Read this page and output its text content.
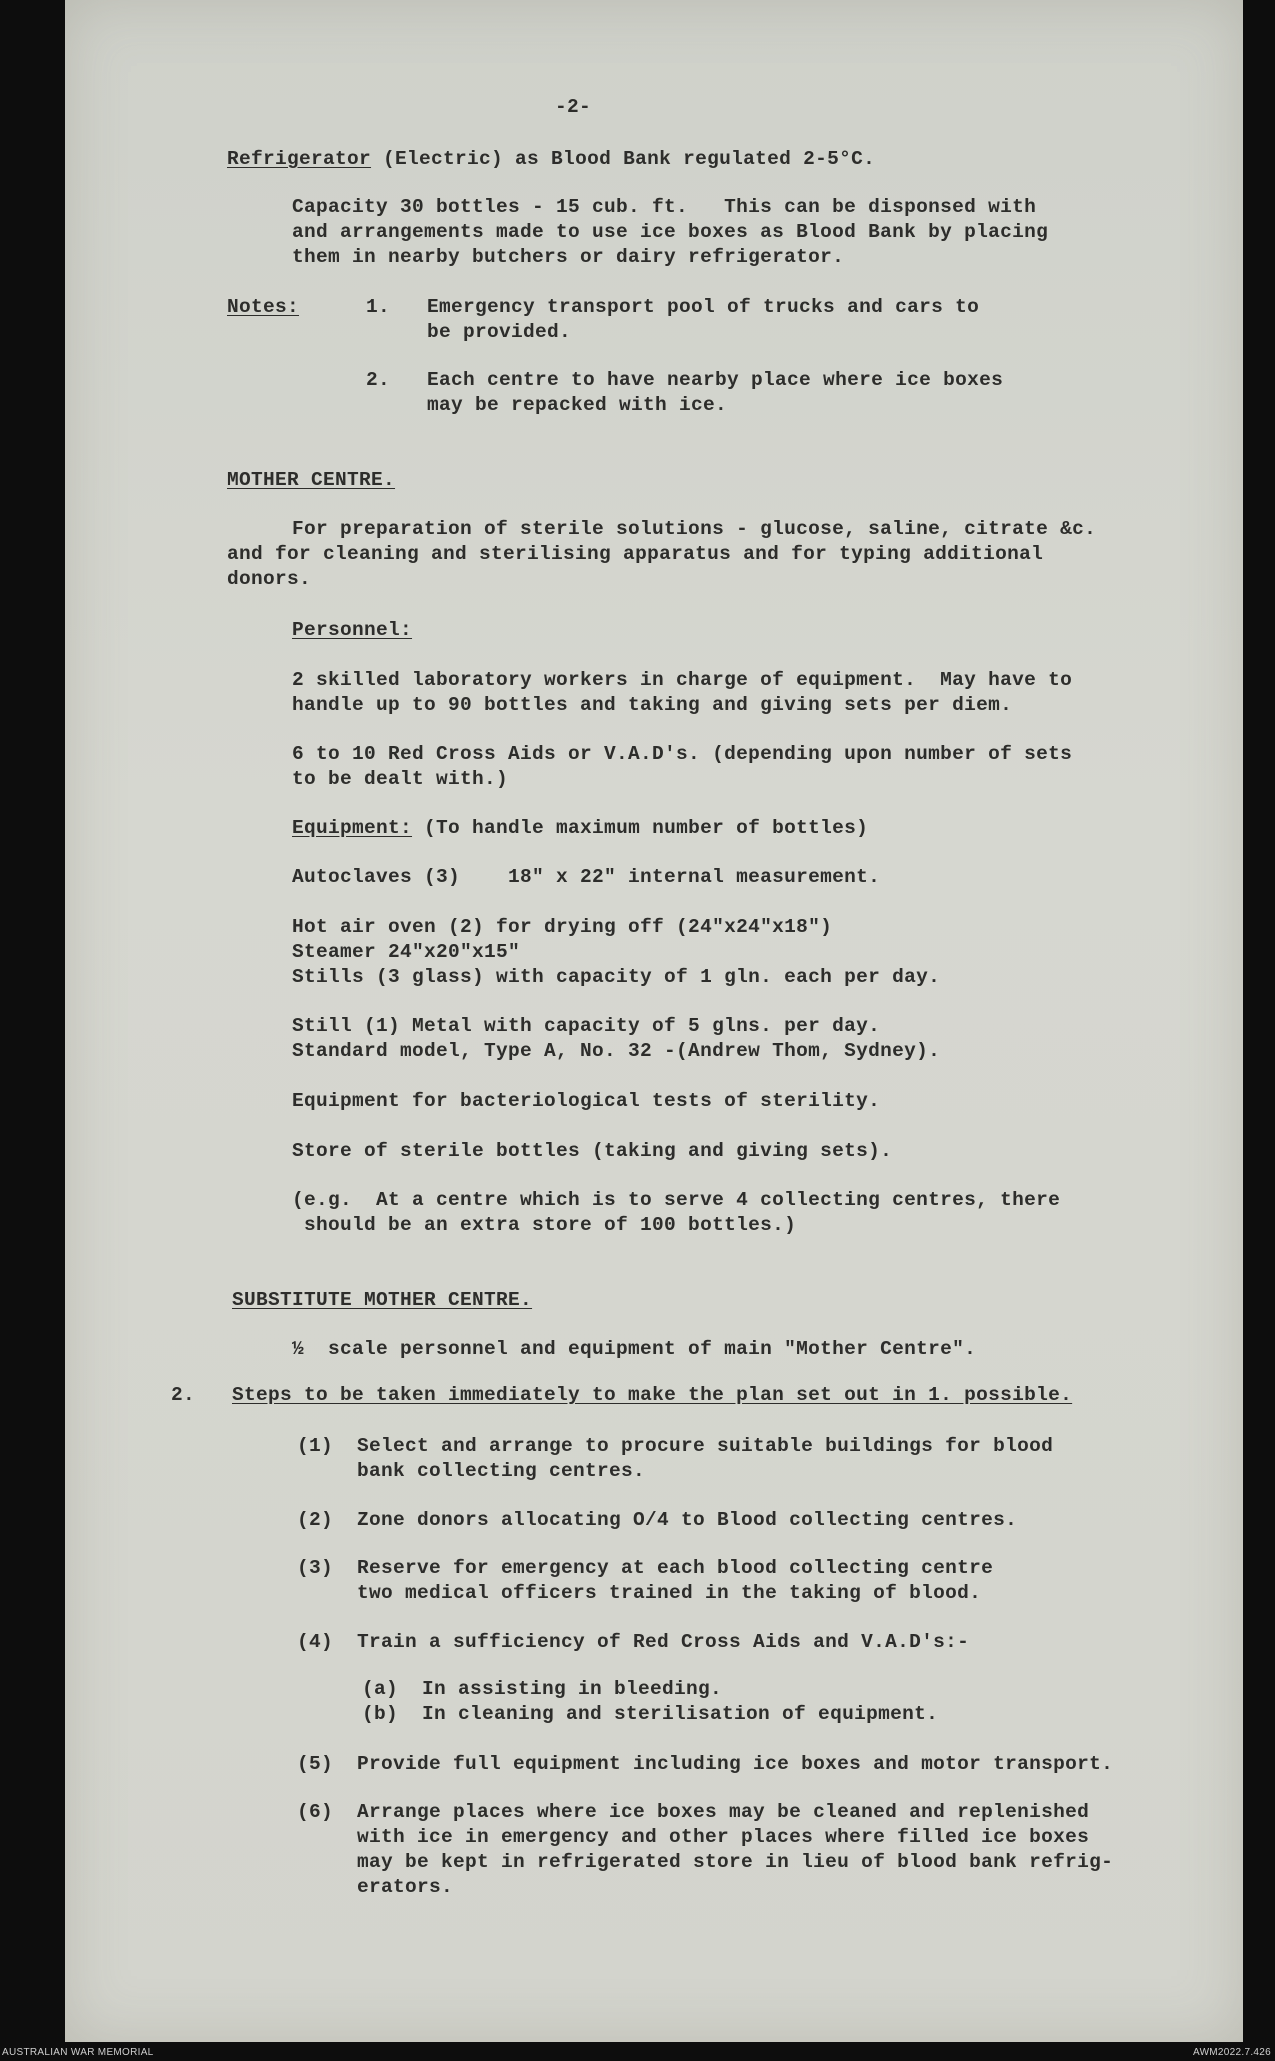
-2-
Refrigerator (Electric) as Blood Bank regulated 2-5°C.
Capacity 30 bottles - 15 cub. ft.   This can be disponsed with
and arrangements made to use ice boxes as Blood Bank by placing
them in nearby butchers or dairy refrigerator.
Notes:	1. Emergency transport pool of trucks and cars to
be provided.
2. Each centre to have nearby place where ice boxes
may be repacked with ice.
MOTHER CENTRE.
For preparation of sterile solutions - glucose, saline, citrate &c.
and for cleaning and sterilising apparatus and for typing additional
donors.
Personnel:
2 skilled laboratory workers in charge of equipment.  May have to
handle up to 90 bottles and taking and giving sets per diem.
6 to 10 Red Cross Aids or V.A.D's. (depending upon number of sets
to be dealt with.)
Equipment: (To handle maximum number of bottles)
Autoclaves (3)    18" x 22" internal measurement.
Hot air oven (2) for drying off (24"x24"x18")
Steamer 24"x20"x15"
Stills (3 glass) with capacity of 1 gln. each per day.
Still (1) Metal with capacity of 5 glns. per day.
Standard model, Type A, No. 32 -(Andrew Thom, Sydney).
Equipment for bacteriological tests of sterility.
Store of sterile bottles (taking and giving sets).
(e.g.  At a centre which is to serve 4 collecting centres, there
should be an extra store of 100 bottles.)
SUBSTITUTE MOTHER CENTRE.
½  scale personnel and equipment of main "Mother Centre".
2. Steps to be taken immediately to make the plan set out in 1. possible.
(1) Select and arrange to procure suitable buildings for blood
bank collecting centres.
(2) Zone donors allocating O/4 to Blood collecting centres.
(3) Reserve for emergency at each blood collecting centre
two medical officers trained in the taking of blood.
(4) Train a sufficiency of Red Cross Aids and V.A.D's:-
(a) In assisting in bleeding.
(b) In cleaning and sterilisation of equipment.
(5) Provide full equipment including ice boxes and motor transport.
(6) Arrange places where ice boxes may be cleaned and replenished
with ice in emergency and other places where filled ice boxes
may be kept in refrigerated store in lieu of blood bank refrig-
erators.
AUSTRALIAN WAR MEMORIAL	AWM2022.7.426
